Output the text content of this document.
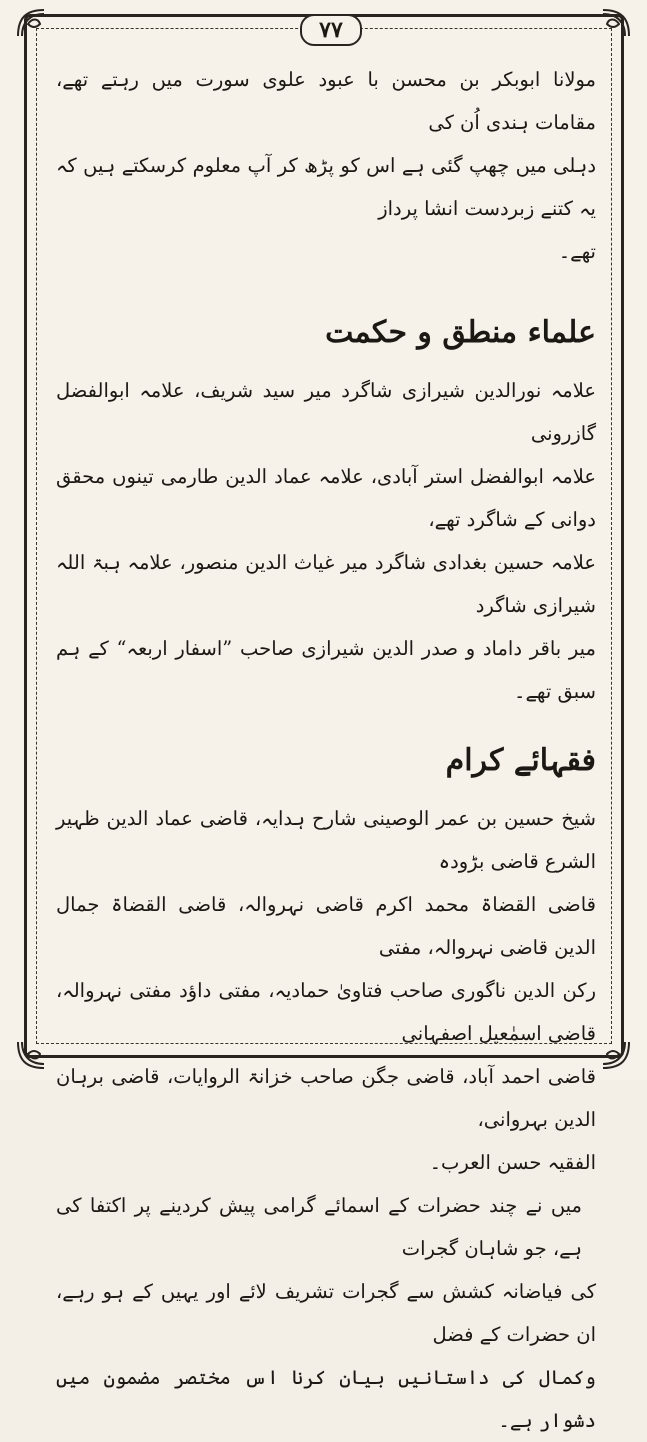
۷۷

مولانا ابوبکر بن محسن با عبود علوی سورت میں رہتے تھے، مقامات ہندی اُن کی

دہلی میں چھپ گئی ہے اس کو پڑھ کر آپ معلوم کرسکتے ہیں کہ یہ کتنے زبردست انشا پرداز

تھے۔

علماء منطق و حکمت

علامہ نورالدین شیرازی شاگرد میر سید شریف، علامہ ابوالفضل گازرونی

علامہ ابوالفضل استر آبادی، علامہ عماد الدین طارمی تینوں محقق دوانی کے شاگرد تھے،

علامہ حسین بغدادی شاگرد میر غیاث الدین منصور، علامہ ہبۃ اللہ شیرازی شاگرد

میر باقر داماد و صدر الدین شیرازی صاحب ”اسفار اربعہ“ کے ہم سبق تھے۔

فقہائے کرام

شیخ حسین بن عمر الوصینی شارح ہدایہ، قاضی عماد الدین ظہیر الشرع قاضی بڑودہ

قاضی القضاۃ محمد اکرم قاضی نہروالہ، قاضی القضاۃ جمال الدین قاضی نہروالہ، مفتی

رکن الدین ناگوری صاحب فتاویٰ حمادیہ، مفتی داؤد مفتی نہروالہ، قاضی اسمٰعیل اصفہانی

قاضی احمد آباد، قاضی جگن صاحب خزانۃ الروایات، قاضی برہان الدین بہروانی،

الفقیہ حسن العرب۔

میں نے چند حضرات کے اسمائے گرامی پیش کردینے پر اکتفا کی ہے، جو شاہان گجرات

کی فیاضانہ کشش سے گجرات تشریف لائے اور یہیں کے ہو رہے، ان حضرات کے فضل

وکمال کی داستانیں بیان کرنا اس مختصر مضمون میں دشوار ہے۔
